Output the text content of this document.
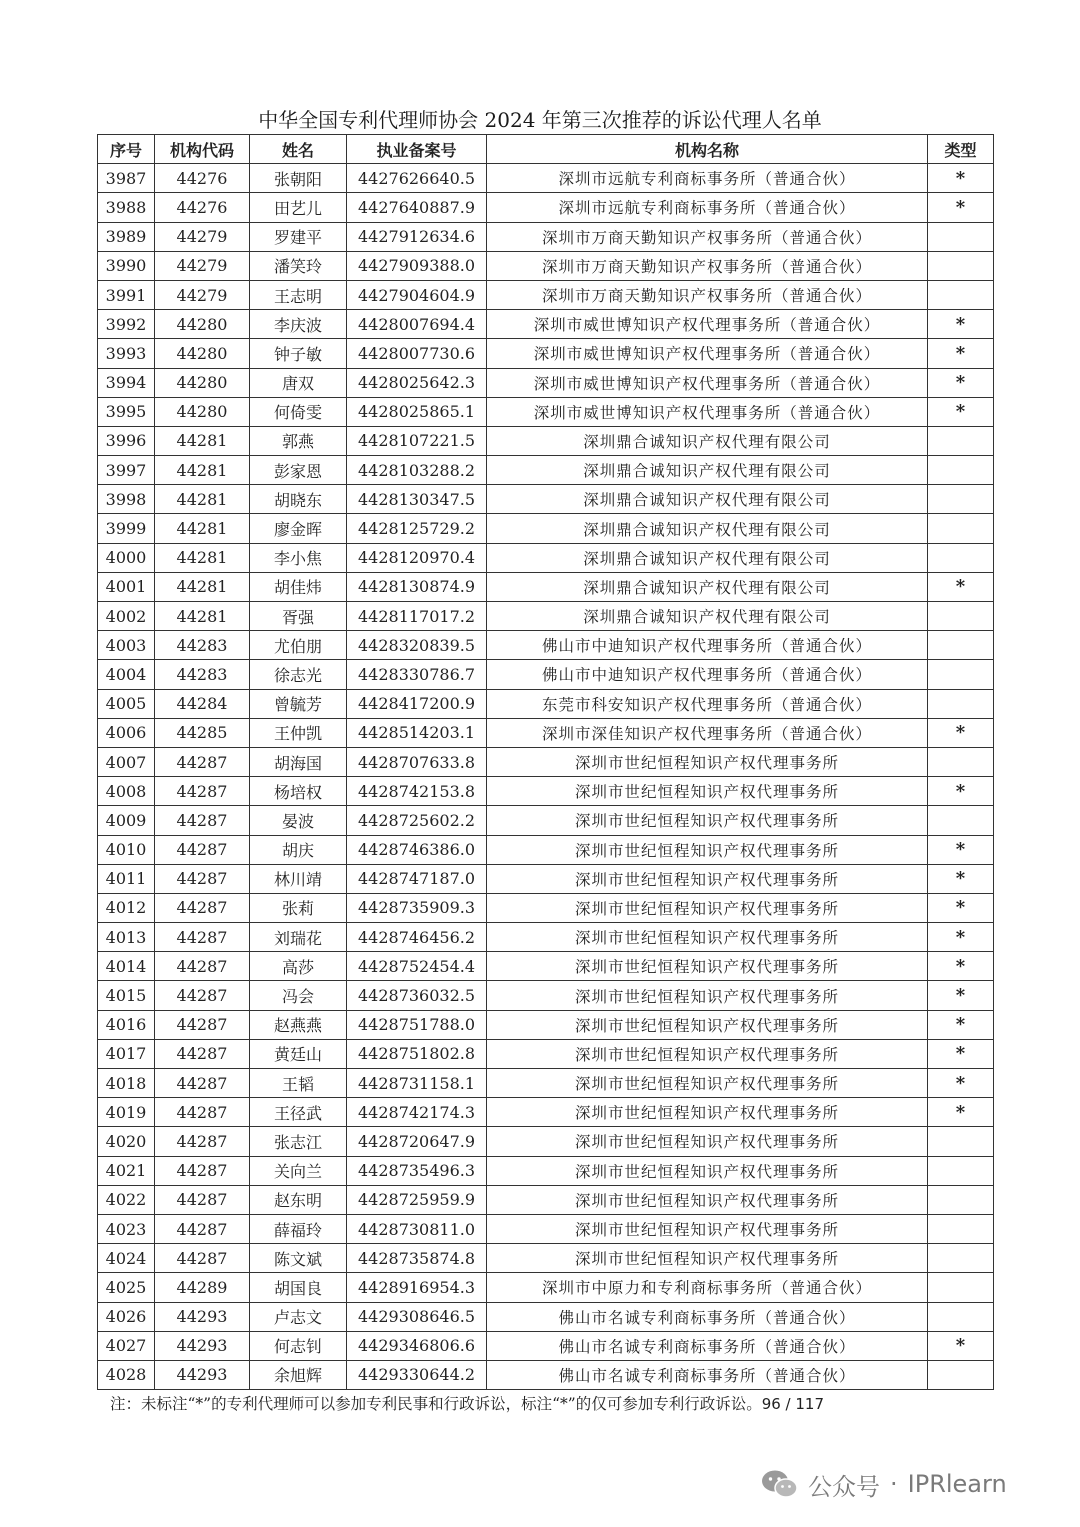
中华全国专利代理师协会 2024 年第三次推荐的诉讼代理人名单
序号	机构代码	姓名	执业备案号	机构名称	类型
3987	44276	张朝阳	4427626640.5	深圳市远航专利商标事务所（普通合伙）	*
3988	44276	田艺儿	4427640887.9	深圳市远航专利商标事务所（普通合伙）	*
3989	44279	罗建平	4427912634.6	深圳市万商天勤知识产权事务所（普通合伙）	
3990	44279	潘笑玲	4427909388.0	深圳市万商天勤知识产权事务所（普通合伙）	
3991	44279	王志明	4427904604.9	深圳市万商天勤知识产权事务所（普通合伙）	
3992	44280	李庆波	4428007694.4	深圳市威世博知识产权代理事务所（普通合伙）	*
3993	44280	钟子敏	4428007730.6	深圳市威世博知识产权代理事务所（普通合伙）	*
3994	44280	唐双	4428025642.3	深圳市威世博知识产权代理事务所（普通合伙）	*
3995	44280	何倚雯	4428025865.1	深圳市威世博知识产权代理事务所（普通合伙）	*
3996	44281	郭燕	4428107221.5	深圳鼎合诚知识产权代理有限公司	
3997	44281	彭家恩	4428103288.2	深圳鼎合诚知识产权代理有限公司	
3998	44281	胡晓东	4428130347.5	深圳鼎合诚知识产权代理有限公司	
3999	44281	廖金晖	4428125729.2	深圳鼎合诚知识产权代理有限公司	
4000	44281	李小焦	4428120970.4	深圳鼎合诚知识产权代理有限公司	
4001	44281	胡佳炜	4428130874.9	深圳鼎合诚知识产权代理有限公司	*
4002	44281	胥强	4428117017.2	深圳鼎合诚知识产权代理有限公司	
4003	44283	尤伯朋	4428320839.5	佛山市中迪知识产权代理事务所（普通合伙）	
4004	44283	徐志光	4428330786.7	佛山市中迪知识产权代理事务所（普通合伙）	
4005	44284	曾毓芳	4428417200.9	东莞市科安知识产权代理事务所（普通合伙）	
4006	44285	王仲凯	4428514203.1	深圳市深佳知识产权代理事务所（普通合伙）	*
4007	44287	胡海国	4428707633.8	深圳市世纪恒程知识产权代理事务所	
4008	44287	杨培权	4428742153.8	深圳市世纪恒程知识产权代理事务所	*
4009	44287	晏波	4428725602.2	深圳市世纪恒程知识产权代理事务所	
4010	44287	胡庆	4428746386.0	深圳市世纪恒程知识产权代理事务所	*
4011	44287	林川靖	4428747187.0	深圳市世纪恒程知识产权代理事务所	*
4012	44287	张莉	4428735909.3	深圳市世纪恒程知识产权代理事务所	*
4013	44287	刘瑞花	4428746456.2	深圳市世纪恒程知识产权代理事务所	*
4014	44287	高莎	4428752454.4	深圳市世纪恒程知识产权代理事务所	*
4015	44287	冯会	4428736032.5	深圳市世纪恒程知识产权代理事务所	*
4016	44287	赵燕燕	4428751788.0	深圳市世纪恒程知识产权代理事务所	*
4017	44287	黄廷山	4428751802.8	深圳市世纪恒程知识产权代理事务所	*
4018	44287	王韬	4428731158.1	深圳市世纪恒程知识产权代理事务所	*
4019	44287	王径武	4428742174.3	深圳市世纪恒程知识产权代理事务所	*
4020	44287	张志江	4428720647.9	深圳市世纪恒程知识产权代理事务所	
4021	44287	关向兰	4428735496.3	深圳市世纪恒程知识产权代理事务所	
4022	44287	赵东明	4428725959.9	深圳市世纪恒程知识产权代理事务所	
4023	44287	薛福玲	4428730811.0	深圳市世纪恒程知识产权代理事务所	
4024	44287	陈文斌	4428735874.8	深圳市世纪恒程知识产权代理事务所	
4025	44289	胡国良	4428916954.3	深圳市中原力和专利商标事务所（普通合伙）	
4026	44293	卢志文	4429308646.5	佛山市名诚专利商标事务所（普通合伙）	
4027	44293	何志钊	4429346806.6	佛山市名诚专利商标事务所（普通合伙）	*
4028	44293	余旭辉	4429330644.2	佛山市名诚专利商标事务所（普通合伙）	
注：未标注“*”的专利代理师可以参加专利民事和行政诉讼，标注“*”的仅可参加专利行政诉讼。96 / 117
公众号 · IPRlearn
